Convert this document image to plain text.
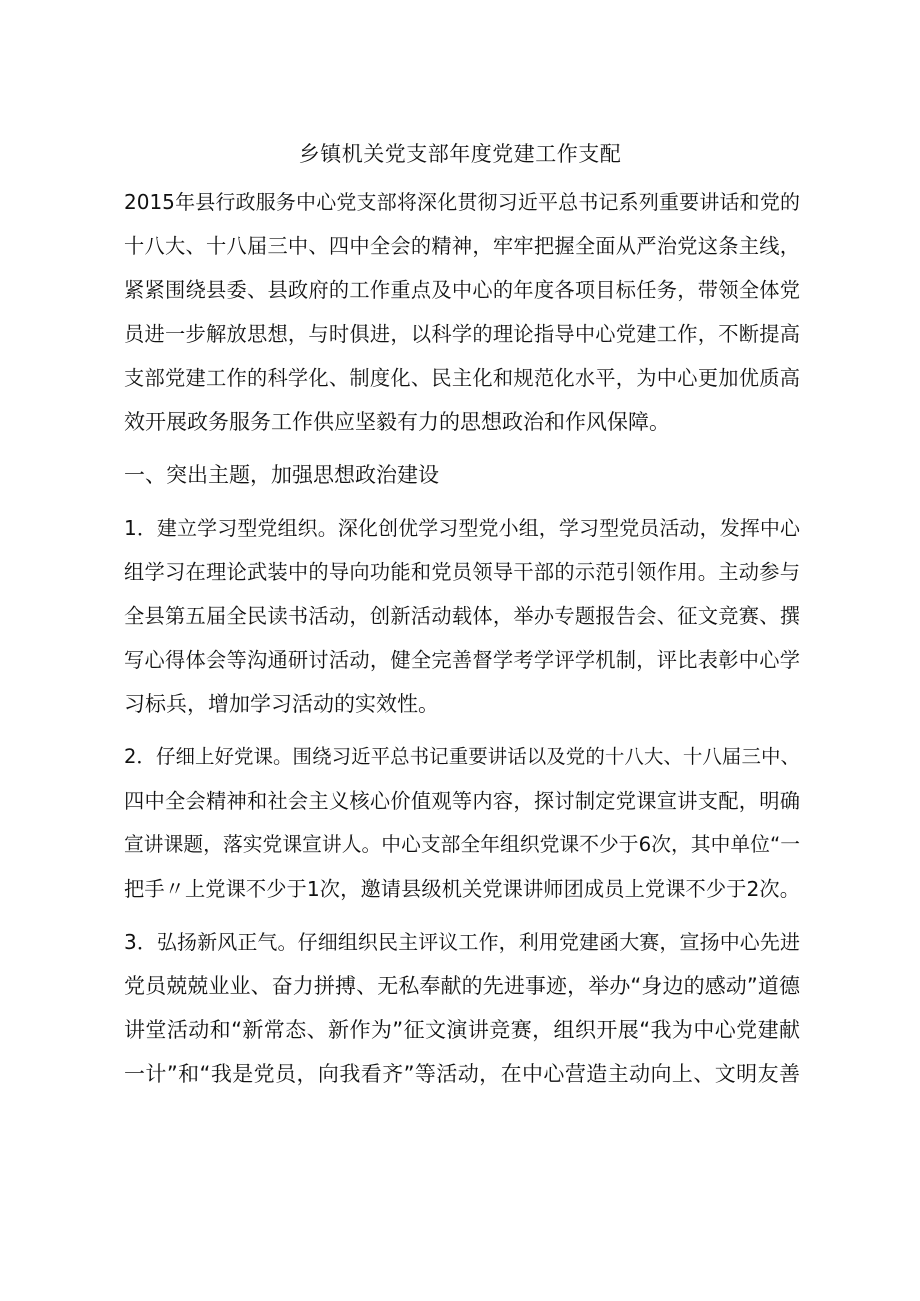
乡镇机关党支部年度党建工作支配

2015年县行政服务中心党支部将深化贯彻习近平总书记系列重要讲话和党的
十八大、十八届三中、四中全会的精神，牢牢把握全面从严治党这条主线，
紧紧围绕县委、县政府的工作重点及中心的年度各项目标任务，带领全体党
员进一步解放思想，与时俱进，以科学的理论指导中心党建工作，不断提高
支部党建工作的科学化、制度化、民主化和规范化水平，为中心更加优质高
效开展政务服务工作供应坚毅有力的思想政治和作风保障。

一、突出主题，加强思想政治建设

1．建立学习型党组织。深化创优学习型党小组，学习型党员活动，发挥中心
组学习在理论武装中的导向功能和党员领导干部的示范引领作用。主动参与
全县第五届全民读书活动，创新活动载体，举办专题报告会、征文竞赛、撰
写心得体会等沟通研讨活动，健全完善督学考学评学机制，评比表彰中心学
习标兵，增加学习活动的实效性。

2．仔细上好党课。围绕习近平总书记重要讲话以及党的十八大、十八届三中、
四中全会精神和社会主义核心价值观等内容，探讨制定党课宣讲支配，明确
宣讲课题，落实党课宣讲人。中心支部全年组织党课不少于6次，其中单位“一
把手〃上党课不少于1次，邀请县级机关党课讲师团成员上党课不少于2次。

3．弘扬新风正气。仔细组织民主评议工作，利用党建函大赛，宣扬中心先进
党员兢兢业业、奋力拼搏、无私奉献的先进事迹，举办“身边的感动”道德
讲堂活动和“新常态、新作为”征文演讲竞赛，组织开展“我为中心党建献
一计”和“我是党员，向我看齐”等活动，在中心营造主动向上、文明友善
